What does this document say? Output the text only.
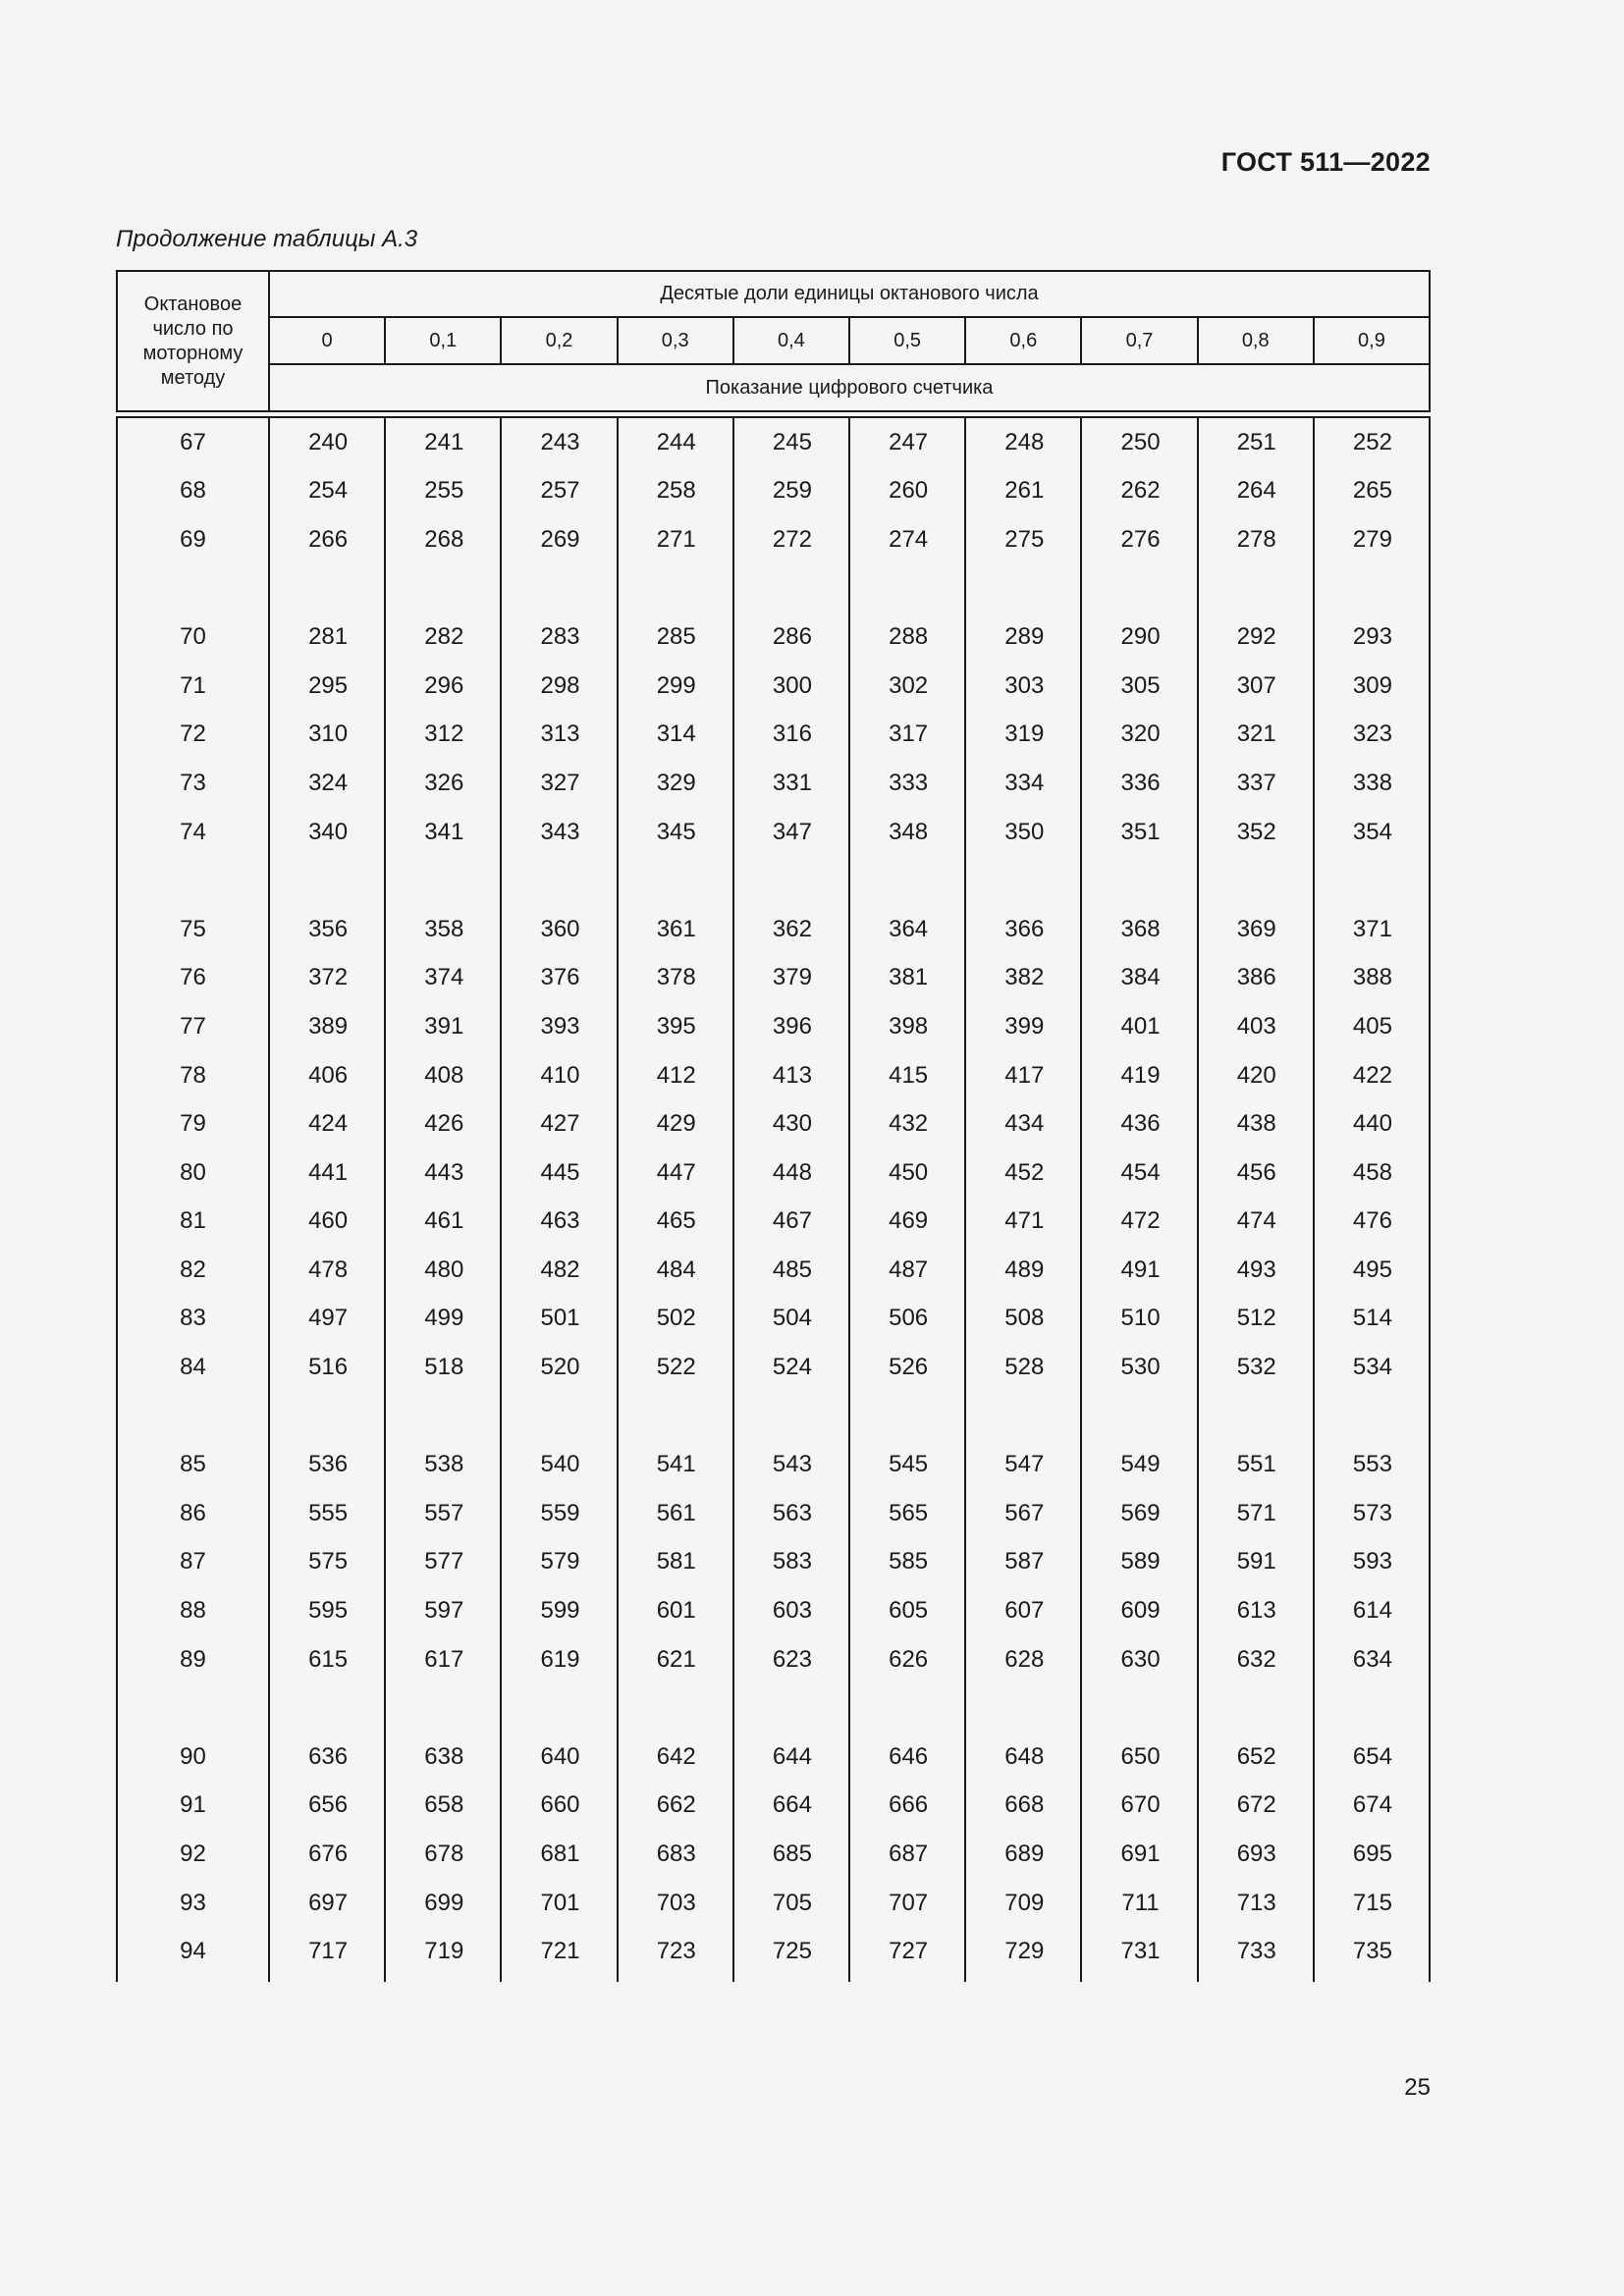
ГОСТ 511—2022
Продолжение таблицы А.3
Октановое число по моторному методу
Десятые доли единицы октанового числа
0	0,1	0,2	0,3	0,4	0,5	0,6	0,7	0,8	0,9
Показание цифрового счетчика
67	240	241	243	244	245	247	248	250	251	252
68	254	255	257	258	259	260	261	262	264	265
69	266	268	269	271	272	274	275	276	278	279
70	281	282	283	285	286	288	289	290	292	293
71	295	296	298	299	300	302	303	305	307	309
72	310	312	313	314	316	317	319	320	321	323
73	324	326	327	329	331	333	334	336	337	338
74	340	341	343	345	347	348	350	351	352	354
75	356	358	360	361	362	364	366	368	369	371
76	372	374	376	378	379	381	382	384	386	388
77	389	391	393	395	396	398	399	401	403	405
78	406	408	410	412	413	415	417	419	420	422
79	424	426	427	429	430	432	434	436	438	440
80	441	443	445	447	448	450	452	454	456	458
81	460	461	463	465	467	469	471	472	474	476
82	478	480	482	484	485	487	489	491	493	495
83	497	499	501	502	504	506	508	510	512	514
84	516	518	520	522	524	526	528	530	532	534
85	536	538	540	541	543	545	547	549	551	553
86	555	557	559	561	563	565	567	569	571	573
87	575	577	579	581	583	585	587	589	591	593
88	595	597	599	601	603	605	607	609	613	614
89	615	617	619	621	623	626	628	630	632	634
90	636	638	640	642	644	646	648	650	652	654
91	656	658	660	662	664	666	668	670	672	674
92	676	678	681	683	685	687	689	691	693	695
93	697	699	701	703	705	707	709	711	713	715
94	717	719	721	723	725	727	729	731	733	735
25
